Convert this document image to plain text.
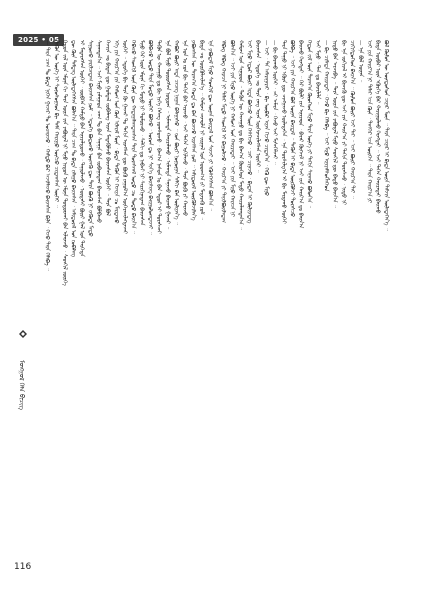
2025 • 05
ᠮᠣᠩᠭᠣᠯ ᠬᠡᠯᠡ ᠪᠢᠴᠢᠭ
— ᠲᠡᠷᠡ ᠴᠠᠭ ᠲᠤ ᠪᠢᠳᠡ ᠨᠢᠭᠡᠨ ᠭᠠᠵᠠᠷ ᠲᠤ ᠤᠴᠠᠷᠠᠵᠤ ᠂ ᠬᠠᠮᠲᠤ ᠪᠡᠷ ᠠᠵᠢᠯᠯᠠᠵᠤ ᠪᠠᠢᠭᠰᠠᠨ ᠪᠢᠯᠡ ᠂ ᠭᠡᠵᠦ ᠲᠡᠷᠡ ᠬᠡᠯᠡᠪᠡ ᠃ ᠲᠡᠭᠦᠨ ᠦ ᠦᠭᠡ ᠢ ᠰᠣᠨᠣᠰᠣᠭᠠᠳ ᠪᠢ ᠳᠡᠮᠡ ᠬᠠᠷᠢᠭᠤ ᠥᠭᠴᠦ ᠴᠢᠳᠠᠭᠰᠠᠨ ᠦᠭᠡᠢ ᠃ ᠬᠡᠳᠦᠨ ᠵᠢᠯ ᠦᠨ ᠡᠮᠦᠨᠡ ᠬᠢ ᠲᠡᠷᠡ ᠦᠶᠡ ᠶᠢᠨ ᠶᠠᠪᠤᠳᠠᠯ ᠨᠢ ᠮᠢᠨᠦ ᠨᠢᠳᠦᠨ ᠦ ᠡᠮᠦᠨᠡ ᠲᠣᠳᠣᠷᠬᠠᠢ ᠪᠡᠨ ᠢᠯᠡᠷᠡᠵᠦ ᠂ ᠰᠡᠳᠬᠢᠯ ᠵᠦᠷᠬᠡ ᠳᠦ ᠭᠦᠨ ᠲᠡᠮᠳᠡᠭ ᠦᠯᠡᠳᠡᠭᠡᠭᠰᠡᠨ ᠪᠣᠯᠠᠨ᠎ᠠ ᠃ ᠲᠡᠷᠡ ᠴᠠᠭ ᠲᠤ ᠪᠢᠳᠡ ᠵᠠᠯᠠᠭᠤ ᠪᠠᠢᠭᠰᠠᠨ ᠂ ᠠᠮᠢᠳᠤᠷᠠᠯ ᠤᠨ ᠵᠣᠪᠠᠯᠠᠩ ᠢ ᠮᠡᠳᠡᠷᠡᠭᠰᠡᠨ ᠦᠭᠡᠢ ᠂ ᠵᠥᠪᠬᠡᠨ ᠬᠠᠮᠲᠤ ᠪᠡᠨ ᠢᠨᠢᠶᠡᠯᠳᠦᠵᠦ ᠂ ᠳᠠᠭᠤᠯᠠᠵᠤ ᠂ ᠦᠳᠡᠰᠢ ᠪᠦᠷᠢ ᠭᠠᠯ ᠤᠨ ᠳᠡᠷᠭᠡᠳᠡ ᠰᠠᠭᠤᠵᠤ ᠶᠠᠷᠢᠯᠴᠠᠳᠠᠭ ᠪᠠᠢᠭᠰᠠᠨ ᠶᠤᠮ ᠃ ᠡᠳᠦᠭᠡ ᠪᠣᠳᠣᠵᠤ ᠦᠵᠡᠬᠦ ᠳᠦ ᠲᠡᠷᠡ ᠪᠦᠬᠦ ᠨᠢ ᠵᠡᠭᠦᠳᠡ ᠮᠡᠲᠦ ᠰᠠᠨᠠᠭᠳᠠᠨ᠎ᠠ ᠃ ᠡᠵᠢ ᠮᠢᠨᠦ ᠶᠠᠮᠠᠭᠠᠳ ᠴᠠᠭ ᠲᠤ ᠪᠠᠨ ᠰᠠᠨᠠᠭᠠ ᠪᠡᠨ ᠵᠣᠪᠠᠭᠠᠳᠠᠭ ᠪᠠᠢᠭᠰᠠᠨ ᠪᠣᠯᠪᠠᠴᠤ ᠬᠡᠵᠢᠶᠡ ᠴᠤ ᠪᠢᠳᠡᠨ ᠳᠦ ᠭᠣᠮᠳᠠᠯ ᠵᠣᠪᠠᠯᠠᠩ ᠢᠶᠠᠨ ᠮᠡᠳᠡᠭᠦᠯᠵᠦ ᠪᠠᠢᠭᠰᠠᠨ ᠦᠭᠡᠢ ᠃ ᠲᠡᠷᠡ ᠪᠣᠯ ᠡᠬᠡ ᠶᠢᠨ ᠬᠠᠢᠷ᠎ᠠ ᠶᠢᠨ ᠬᠠᠮᠤᠭ ᠤᠨ ᠭᠦᠨ ᠢᠯᠡᠷᠡᠯ ᠮᠥᠨ ᠂ ᠪᠢᠳᠡ ᠲᠡᠭᠦᠨ ᠢ ᠬᠡᠵᠢᠶᠡ ᠴᠤ ᠮᠠᠷᠲᠠᠬᠤ ᠦᠭᠡᠢ ᠃ ᠡᠳᠦᠭᠡ ᠪᠢ ᠲᠡᠷᠡ ᠬᠦ ᠭᠠᠵᠠᠷ ᠲᠤ ᠳᠠᠬᠢᠨ ᠢᠷᠡᠭᠰᠡᠨ ᠳᠦ ᠪᠦᠬᠦ ᠶᠠᠭᠤᠮ᠎ᠠ ᠥᠭᠡᠷᠡᠴᠢᠯᠡᠭᠳᠡᠵᠡᠢ ᠭᠡᠪᠡᠴᠦ ᠰᠡᠳᠬᠢᠯ ᠦᠨ ᠭᠦᠨ ᠳᠦ ᠬᠠᠳᠠᠭᠠᠯᠠᠭᠳᠠᠭᠰᠠᠨ ᠲᠡᠷᠡ ᠳᠤᠷᠠᠰᠬᠠᠯ ᠣᠳᠣ ᠴᠤ ᠲᠣᠳᠣ ᠪᠠᠢᠨ᠎ᠠ ᠃ ᠮᠢᠨᠦ ᠭᠡᠷ ᠦᠨ ᠡᠮᠦᠨᠡ ᠬᠢ ᠮᠣᠳᠣ ᠨᠢ ᠲᠣᠮᠣᠷᠴᠤ ᠂ ᠰᠠᠯᠬᠢ ᠳᠤ ᠨᠠᠪᠴᠢ ᠨᠢ ᠰᠢᠷᠢᠭᠢᠨᠠᠳᠠᠭ ᠪᠠᠢᠭᠰᠠᠨ ᠪᠣᠯᠪᠠᠴᠤ ᠣᠳᠣ ᠲᠡᠷᠡ ᠮᠣᠳᠣ ᠦᠭᠡᠢ ᠪᠣᠯᠵᠤ ᠂ ᠣᠷᠣᠨ ᠳᠤ ᠨᠢ ᠰᠢᠨ᠎ᠡ ᠪᠠᠢᠰᠢᠩ ᠪᠠᠢᠭᠤᠯᠤᠭᠳᠠᠵᠠᠢ ᠃ ᠲᠡᠭᠦᠨ ᠦ ᠬᠠᠵᠠᠭᠤ ᠳᠤ ᠪᠢ ᠨᠢᠭᠡ ᠬᠡᠰᠡᠭ ᠵᠣᠭᠰᠣᠵᠤ ᠂ ᠪᠠᠭ᠎ᠠ ᠨᠠᠰᠤᠨ ᠤ ᠪᠡᠨ ᠡᠳᠦᠷ ᠢ ᠳᠤᠷᠠᠰᠴᠠᠢ ᠡᠨᠡ ᠪᠣᠯ ᠮᠢᠨᠦ ᠲᠥᠷᠦᠭᠰᠡᠨ ᠨᠤᠲᠤᠭ ᠃ ᠢᠮᠠᠭᠲᠠ ᠬᠠᠢᠷᠠᠯᠠᠬᠤ ᠂ ᠢᠮᠠᠭᠲᠠ ᠰᠠᠨᠠᠵᠤ ᠪᠠᠢᠬᠤ ᠭᠠᠵᠠᠷ ᠃ ᠬᠠᠪᠤᠷ ᠪᠦᠷᠢ ᠡᠨᠳᠡ ᠴᠡᠴᠡᠭ ᠨᠠᠭᠠᠨ ᠪᠠᠯᠠᠭᠠᠰᠤ ᠃ ᠵᠤᠨ ᠪᠦᠷᠢ ᠨᠣᠭᠤᠭᠠᠨ ᠰᠠᠯᠬᠢ ᠪᠠᠨ ᠦᠯᠢᠶᠡᠨ᠎ᠡ ᠃ ᠡᠨᠡ ᠣᠨ ᠤ ᠵᠤᠨ ᠪᠢ ᠳᠠᠬᠢᠨ ᠪᠠᠷ ᠢᠷᠡᠵᠦ ᠂ ᠡᠵᠢ ᠳᠡᠭᠡᠨ ᠡᠷᠬᠢᠯᠡᠵᠦ ᠂ ᠲᠡᠷᠡ ᠪᠦᠬᠦ ᠶᠢ ᠬᠠᠷᠠᠵᠤ ᠶᠠᠪᠤᠭᠰᠠᠨ ᠦ ᠳᠠᠷᠠᠭ᠎ᠠ ᠬᠣᠲᠠ ᠳᠤ ᠪᠡᠨ ᠪᠤᠴᠠᠵᠤ ᠢᠷᠡᠭᠰᠡᠨ ᠶᠤᠮ ᠃ ᠠᠮᠢᠳᠤᠷᠠᠯ ᠦᠷᠭᠦᠯᠵᠢᠯᠡᠨ᠎ᠡ ᠪᠢᠳᠡ ᠴᠤ ᠦᠷᠭᠦᠯᠵᠢᠯᠡᠨ᠎ᠡ ᠃ ᠬᠠᠮᠤᠭ ᠴᠢᠬᠤᠯᠠ ᠨᠢ ᠵᠢᠷᠭᠠᠯ ᠤᠨ ᠤᠳᠬ᠎ᠠ ᠶᠢ ᠮᠡᠳᠡᠷᠡᠬᠦ ᠶᠤᠮ ᠃ ᠡᠨᠡ ᠶᠠᠪᠤᠳᠠᠯ ᠮᠢᠨᠦ ᠰᠡᠳᠬᠢᠯ ᠳᠦ ᠦᠨᠡᠨ ᠪᠠᠢᠳᠠᠯ ᠤᠨ ᠰᠢᠨᠵᠢ ᠶᠢ ᠡᠭᠦᠰᠬᠡᠭᠰᠡᠨ ᠪᠣᠯᠠᠨ᠎ᠠ ᠃ ᠡᠯᠪᠡᠭ ᠡᠯᠪᠡᠭ ᠬᠠᠷᠠᠴᠠ ᠨᠢ ᠳᠠᠯᠠᠢ ᠮᠡᠲᠦ ᠰᠡᠳᠬᠢᠯ ᠢ ᠪᠠᠭᠤᠯᠠᠵᠤ ᠂ ᠬᠠᠢᠷ᠎ᠠ ᠶᠢ ᠲᠠᠶᠢᠯᠪᠤᠷᠢᠯᠠᠳᠠᠭ ᠪᠣᠯᠠᠨ᠎ᠠ ᠃ ᠡᠵᠢ ᠶᠢᠨ ᠮᠢᠨᠦ ᠦᠭᠡ ᠨᠢ ᠬᠠᠮᠤᠭ ᠤᠨ ᠬᠠᠢᠷᠠᠲᠠᠢ ᠃ ᠡᠵᠢ ᠶᠢᠨ ᠮᠢᠨᠦ ᠬᠠᠷᠠᠴᠠ ᠨᠢ ᠬᠠᠮᠤᠭ ᠤᠨ ᠰᠢᠭᠤᠳ ᠃ ᠲᠡᠭᠦᠨ ᠦ ᠬᠠᠵᠠᠭᠤ ᠳᠤ ᠪᠢ ᠪᠠᠭ᠎ᠠ ᠬᠦᠦᠬᠡᠳ ᠮᠡᠲᠦ ᠬᠠᠢᠷᠠᠯᠠᠭᠳᠠᠨ᠎ᠠ ᠃ ᠡᠵᠢ ᠮᠢᠨᠦ ᠡᠳᠦᠷ ᠪᠦᠷᠢ ᠡᠷᠲᠡ ᠪᠣᠰᠴᠤ ᠰᠦᠨ ᠬᠡᠰᠬᠡᠵᠦ ᠂ ᠴᠠᠢ ᠴᠢᠨᠠᠵᠤ ᠂ ᠪᠢᠳᠡᠨ ᠢ ᠬᠦᠯᠢᠶᠡᠳᠡᠭ ᠪᠠᠢᠭᠰᠠᠨ ᠂ ᠡᠳᠦᠭᠡ ᠴᠤ ᠲᠡᠷᠡ ᠵᠠᠩ ᠢᠶᠠᠨ ᠥᠭᠡᠷᠡᠴᠢᠯᠡᠭᠰᠡᠨ ᠦᠭᠡᠢ ᠃ — ᠡᠵᠢ ᠂ ᠲᠠ ᠠᠮᠠᠷᠠᠭᠠᠷᠠᠢ ᠂ ᠪᠢ ᠥᠪᠡᠷ ᠢᠶᠡᠨ ᠬᠢᠵᠦ ᠴᠢᠳᠠᠨ᠎ᠠ ᠂ ᠭᠡᠬᠦ ᠳᠦ ᠮᠢᠨᠦ — ᠪᠢ ᠪᠠᠷᠠᠬᠤ ᠦᠭᠡᠢ ᠂ ᠴᠢ ᠠᠮᠠᠷᠠ ᠂ ᠭᠡᠵᠦ ᠡᠵᠢ ᠮᠢᠰᠡᠭᠡᠯᠵᠡᠢ ᠃ ᠲᠡᠷᠡ ᠳᠠᠭᠤ ᠨᠢ ᠡᠭᠦᠷᠡ ᠳᠦ ᠴᠢᠩᠭᠠᠵᠤ ᠦᠯᠡᠳᠡᠭᠡᠨ ᠂ ᠡᠨᠡ ᠲᠤᠷᠰᠢᠯᠭ᠎ᠠ ᠢ ᠪᠢ ᠮᠠᠷᠲᠠᠬᠤ ᠦᠭᠡᠢ ᠪᠣᠯᠪᠠ ᠃ ᠡᠵᠢ ᠶᠢᠨ ᠬᠠᠢᠷ᠎ᠠ ᠪᠣᠯ ᠦᠨᠡᠨ ᠪᠠᠢᠳᠠᠯ ᠃ ᠲᠡᠭᠦᠨ ᠢ ᠪᠢᠳᠡ ᠦᠷᠭᠦᠯᠵᠢ ᠳᠤᠷᠠᠰᠴᠤ ᠪᠠᠢᠬᠤ ᠬᠡᠷᠡᠭᠲᠡᠢ ᠃ ᠭᠡᠷ ᠪᠦᠯᠢ ᠶᠢᠨ ᠢᠨᠢᠶᠡᠳ ᠂ ᠪᠠᠶᠠᠷ ᠬᠦᠭᠵᠢᠮ ᠨᠢ ᠡᠵᠢ ᠶᠢᠨ ᠬᠠᠢᠷ᠎ᠠ ᠳᠤ ᠪᠠᠢᠨ᠎ᠠ ᠬᠡᠳᠦᠨ ᠵᠢᠯ ᠦᠨ ᠳᠠᠷᠠᠭ᠎ᠠ ᠬᠦᠦᠬᠡᠳ ᠮᠢᠨᠦ ᠲᠡᠷᠡ ᠦᠭᠡ ᠶᠢ ᠳᠠᠬᠢᠨ ᠰᠠᠨᠠᠬᠤ ᠪᠣᠯᠤᠨ᠎ᠠ ᠃ ᠡᠵᠢ ᠮᠢᠨᠦ ᠂ ᠲᠠᠨ ᠳᠤ ᠪᠠᠶᠠᠷᠯᠠᠯᠠ ᠃ — ᠪᠢ ᠴᠢᠮᠠᠳᠠ ᠬᠠᠢᠷᠠᠲᠠᠢ ᠂ ᠭᠡᠵᠦ ᠪᠢ ᠬᠡᠯᠡᠪᠡ ᠃ ᠡᠵᠢ ᠮᠢᠨᠦ ᠢᠨᠢᠶᠡᠮᠰᠦᠭᠯᠡᠭᠡᠳ ᠨᠢᠳᠦ ᠪᠡᠨ ᠠᠷᠴᠢᠪᠠ ᠃ ᠲᠡᠷᠡ ᠦᠶᠡ ᠶᠢᠨ ᠶᠠᠪᠤᠳᠠᠯ ᠮᠢᠨᠦ ᠰᠡᠳᠬᠢᠯ ᠳᠦ ᠪᠠᠲᠤ ᠪᠠᠢᠨ᠎ᠠ ᠃ ᠪᠢ ᠡᠨᠡ ᠵᠣᠬᠢᠶᠠᠯ ᠢ ᠪᠢᠴᠢᠬᠦ ᠳᠦ ᠡᠵᠢ ᠶᠢᠨ ᠬᠠᠢᠷ᠎ᠠ ᠶᠢ ᠳᠠᠬᠢᠨ ᠳᠤᠷᠠᠰᠴᠤ ᠂ ᠨᠢᠳᠦ ᠨᠢ ᠴᠢᠭᠢᠭᠲᠦᠭᠡᠳ ᠪᠠᠢᠨ᠎ᠠ ᠃ ᠬᠦᠮᠦᠨ ᠪᠦᠷᠢ ᠡᠵᠢ ᠲᠡᠢ ᠃ ᠡᠵᠢ ᠪᠦᠷᠢ ᠬᠠᠢᠷ᠎ᠠ ᠲᠠᠢ ᠃ — ᠡᠨᠡ ᠪᠣᠯ ᠦᠨᠡᠨ ᠃ ᠡᠵᠢ ᠶᠢᠨ ᠬᠠᠢᠷ᠎ᠠ ᠨᠢ ᠳᠠᠯᠠᠢ ᠡᠴᠡ ᠭᠦᠨ ᠂ ᠲᠡᠩᠭᠡᠷ ᠡᠴᠡ ᠥᠷᠭᠡᠨ ᠃ ᠲᠡᠷᠡ ᠬᠠᠢᠷ᠎ᠠ ᠶᠢ ᠪᠢᠳᠡ ᠥᠪᠡᠷ ᠦᠨ ᠡᠭᠦᠷᠭᠡ ᠪᠡᠷ ᠬᠠᠷᠢᠭᠤᠯᠬᠤ ᠬᠡᠷᠡᠭᠲᠡᠢ ᠃ ᠡᠵᠢ ᠳᠡᠭᠡᠨ ᠬᠠᠢᠷᠠᠲᠠᠢ ᠪᠠᠢᠬᠤ ᠪᠣᠯ ᠬᠦᠮᠦᠨ ᠦ ᠦᠨᠳᠦᠰᠦᠨ ᠴᠢᠨᠠᠷ ᠮᠥᠨ ᠃ ᠲᠡᠷᠡ ᠴᠢᠨᠠᠷ ᠢ ᠪᠢᠳᠡ ᠦᠶᠡ ᠳᠠᠮᠵᠢᠨ ᠦᠯᠡᠳᠡᠭᠡᠨ᠎ᠡ ᠃
116
